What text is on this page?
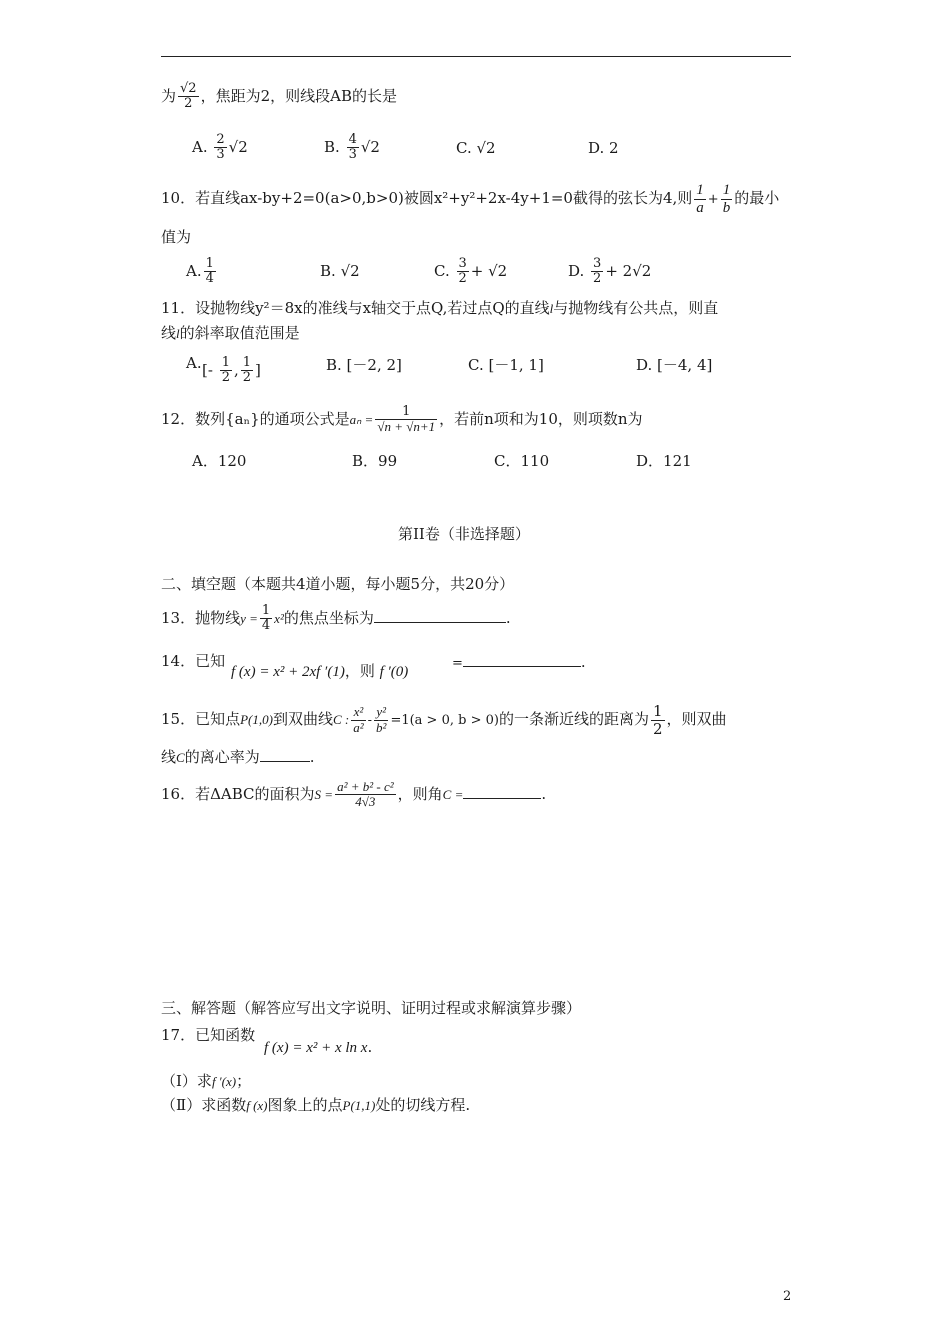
为 $\frac{√2}{2}$ ，焦距为2，则线段AB的长是
A. $\frac{2}{3} √2$	B. $\frac{4}{3} √2$	C. √2	D. 2
10．若直线ax-by+2=0(a>0,b>0)被圆x²+y²+2x-4y+1=0截得的弦长为4,则 $\frac{1}{a} + \frac{1}{b}$ 的最小
值为
A. $\frac{1}{4}$	B. √2	C. $\frac{3}{2} + √2$	D. $\frac{3}{2} + 2√2$
11．设抛物线y²＝8x的准线与x轴交于点Q,若过点Q的直线l与抛物线有公共点，则直
线l的斜率取值范围是
A. [- $\frac{1}{2}$ , $\frac{1}{2}$ ]	B. [－2, 2]	C. [－1, 1]	D. [－4, 4]
12．数列{aₙ}的通项公式是$a_n = \frac{1}{√n + √n+1}$ ，若前n项和为10，则项数n为
A．120	B．99	C．110	D．121
第II卷（非选择题）
二、填空题（本题共4道小题，每小题5分，共20分）
13．抛物线$y = \frac{1}{4} x^2$的焦点坐标为	.
14．已知
f (x) = x² + 2xf ′(1)，则 f ′(0)
=	.
15．已知点P(1,0)到双曲线C : $\frac{\text{x²}}{\text{a²}} - \frac{\text{y²}}{\text{b²}} =1(a > 0$, b > 0)的一条渐近线的距离为 $\frac{1}{2}$ ，则双曲
线C的离心率为	.
16．若ΔABC的面积为$S = \frac{\text{a² + b² - c²}}{4√3}$ ，则角C =	.
三、解答题（解答应写出文字说明、证明过程或求解演算步骤）
17．已知函数
f (x) = x² + x ln x.
（Ⅰ）求f ′(x)；
（Ⅱ）求函数f (x)图象上的点P(1,1)处的切线方程.
2
